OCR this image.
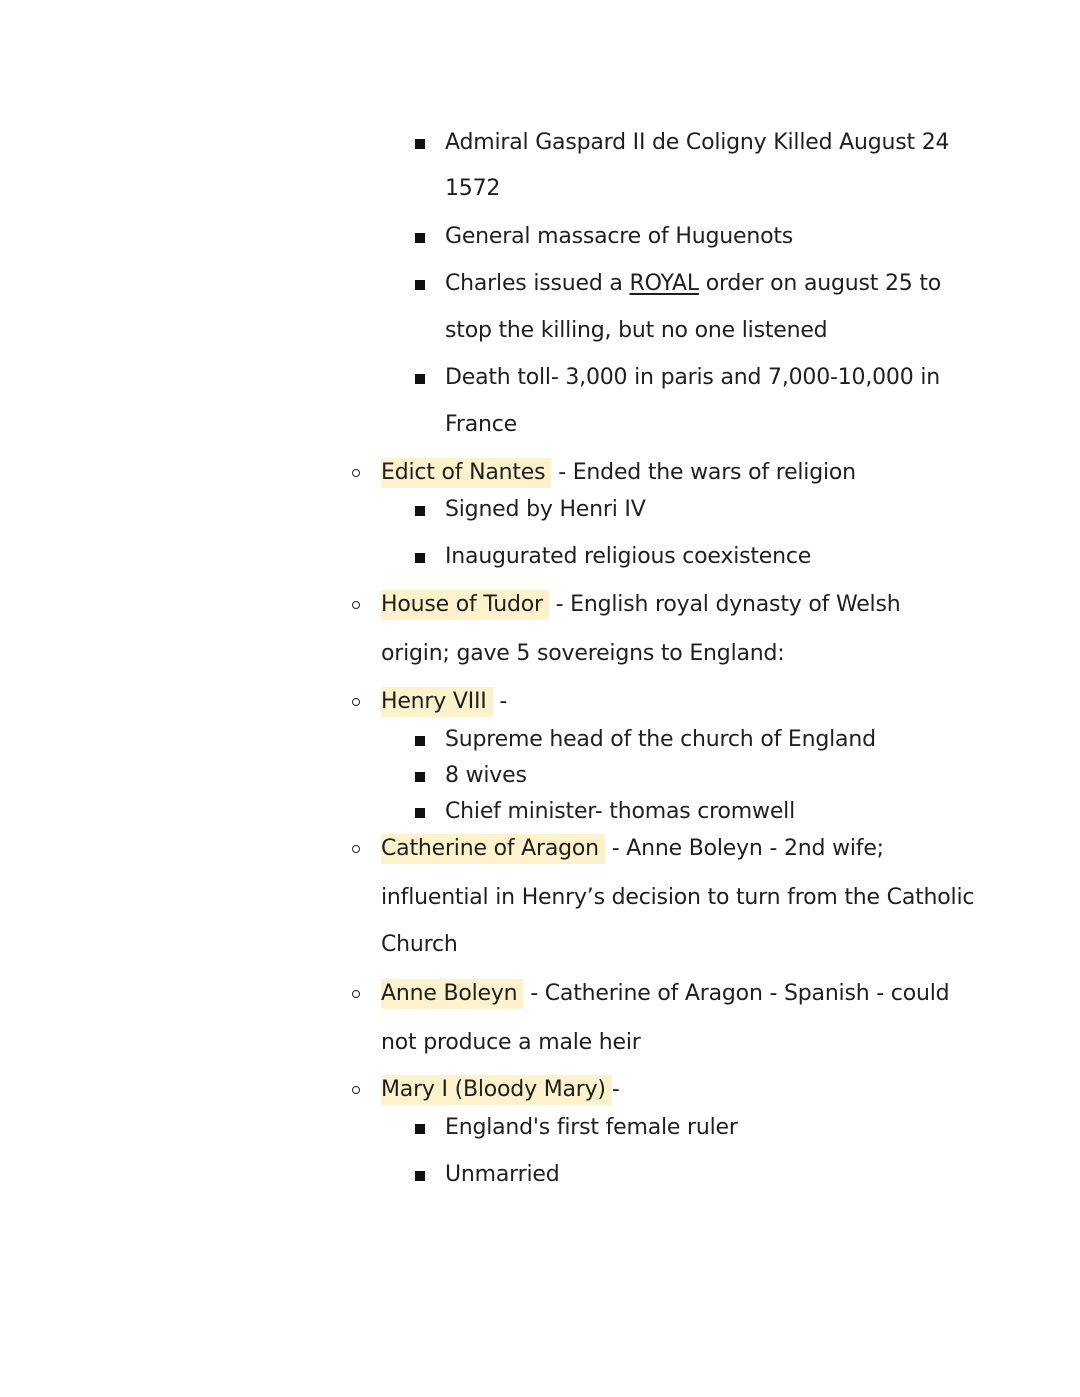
Admiral Gaspard II de Coligny Killed August 24
1572
General massacre of Huguenots
Charles issued a ROYAL order on august 25 to
stop the killing, but no one listened
Death toll- 3,000 in paris and 7,000-10,000 in
France
Edict of Nantes - Ended the wars of religion
Signed by Henri IV
Inaugurated religious coexistence
House of Tudor - English royal dynasty of Welsh
origin; gave 5 sovereigns to England:
Henry VIII -
Supreme head of the church of England
8 wives
Chief minister- thomas cromwell
Catherine of Aragon - Anne Boleyn - 2nd wife;
influential in Henry’s decision to turn from the Catholic
Church
Anne Boleyn - Catherine of Aragon - Spanish - could
not produce a male heir
Mary I (Bloody Mary) -
England's first female ruler
Unmarried
